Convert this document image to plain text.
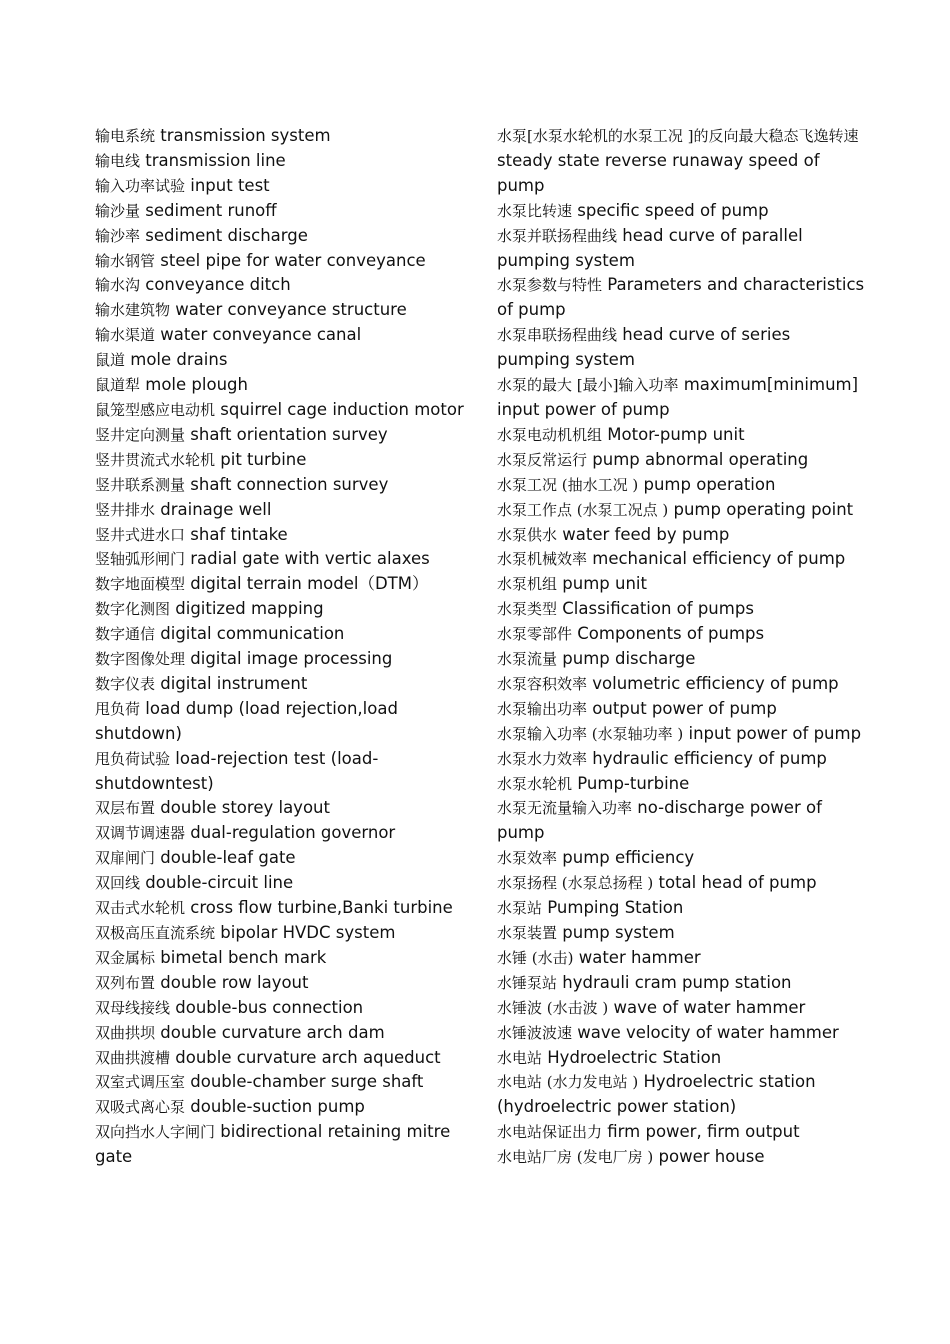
输电系统 transmission system

输电线 transmission line

输入功率试验 input test

输沙量 sediment runoff

输沙率 sediment discharge

输水钢管 steel pipe for water conveyance

输水沟 conveyance ditch

输水建筑物 water conveyance structure

输水渠道 water conveyance canal

鼠道 mole drains

鼠道犁 mole plough

鼠笼型感应电动机 squirrel cage induction motor

竖井定向测量 shaft orientation survey

竖井贯流式水轮机 pit turbine

竖井联系测量 shaft connection survey

竖井排水 drainage well

竖井式进水口 shaf tintake

竖轴弧形闸门 radial gate with vertic alaxes

数字地面模型 digital terrain model（DTM）

数字化测图 digitized mapping

数字通信 digital communication

数字图像处理 digital image processing

数字仪表 digital instrument

甩负荷 load dump (load rejection,load shutdown)

甩负荷试验 load-rejection test (load-shutdowntest)

双层布置 double storey layout

双调节调速器 dual-regulation governor

双扉闸门 double-leaf gate

双回线 double-circuit line

双击式水轮机 cross flow turbine,Banki turbine

双极高压直流系统 bipolar HVDC system

双金属标 bimetal bench mark

双列布置 double row layout

双母线接线 double-bus connection

双曲拱坝 double curvature arch dam

双曲拱渡槽 double curvature arch aqueduct

双室式调压室 double-chamber surge shaft

双吸式离心泵 double-suction pump

双向挡水人字闸门 bidirectional retaining mitre gate

水泵[水泵水轮机的水泵工况 ]的反向最大稳态飞逸转速 steady state reverse runaway speed of pump

水泵比转速 specific speed of pump

水泵并联扬程曲线 head curve of parallel pumping system

水泵参数与特性 Parameters and characteristics of pump

水泵串联扬程曲线 head curve of series pumping system

水泵的最大 [最小]输入功率 maximum[minimum] input power of pump

水泵电动机机组 Motor-pump unit

水泵反常运行 pump abnormal operating

水泵工况 (抽水工况 ) pump operation

水泵工作点 (水泵工况点 ) pump operating point

水泵供水 water feed by pump

水泵机械效率 mechanical efficiency of pump

水泵机组 pump unit

水泵类型 Classification of pumps

水泵零部件 Components of pumps

水泵流量 pump discharge

水泵容积效率 volumetric efficiency of pump

水泵输出功率 output power of pump

水泵输入功率 (水泵轴功率 ) input power of pump

水泵水力效率 hydraulic efficiency of pump

水泵水轮机 Pump-turbine

水泵无流量输入功率 no-discharge power of pump

水泵效率 pump efficiency

水泵扬程 (水泵总扬程 ) total head of pump

水泵站 Pumping Station

水泵装置 pump system

水锤 (水击) water hammer

水锤泵站 hydrauli cram pump station

水锤波 (水击波 ) wave of water hammer

水锤波波速 wave velocity of water hammer

水电站 Hydroelectric Station

水电站 (水力发电站 ) Hydroelectric station (hydroelectric power station)

水电站保证出力 firm power, firm output

水电站厂房 (发电厂房 ) power house
